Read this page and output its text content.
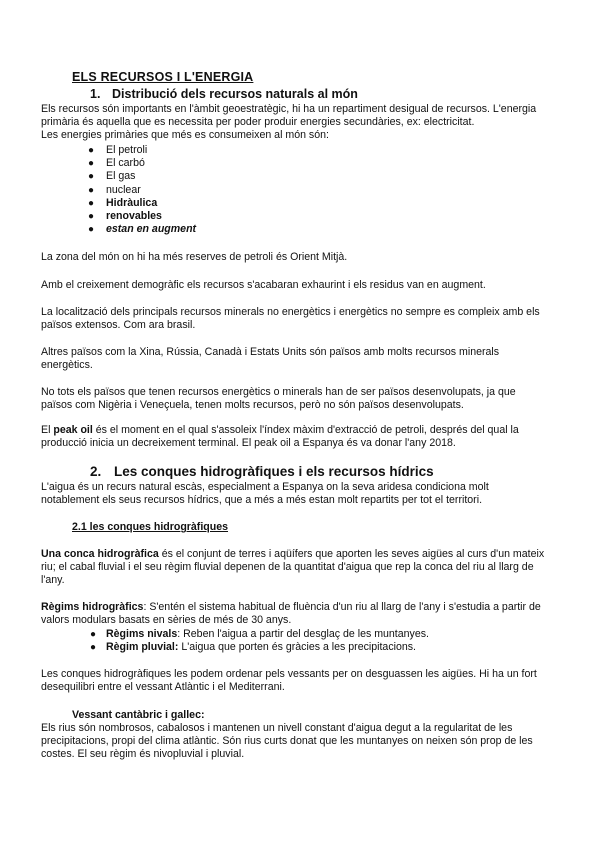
ELS RECURSOS I L'ENERGIA
1. Distribució dels recursos naturals al món
Els recursos són importants en l'àmbit geoestratègic, hi ha un repartiment desigual de recursos. L'energia
primària és aquella que es necessita per poder produir energies secundàries, ex: electricitat.
Les energies primàries que més es consumeixen al món són:
● El petroli
● El carbó
● El gas
● nuclear
● Hidràulica
● renovables
● estan en augment
La zona del món on hi ha més reserves de petroli és Orient Mitjà.
Amb el creixement demogràfic els recursos s'acabaran exhaurint i els residus van en augment.
La localització dels principals recursos minerals no energètics i energètics no sempre es compleix amb els
països extensos. Com ara brasil.
Altres països com la Xina, Rússia, Canadà i Estats Units són països amb molts recursos minerals
energètics.
No tots els països que tenen recursos energètics o minerals han de ser països desenvolupats, ja que
països com Nigèria i Veneçuela, tenen molts recursos, però no són països desenvolupats.
El peak oil és el moment en el qual s'assoleix l'índex màxim d'extracció de petroli, després del qual la
producció inicia un decreixement terminal. El peak oil a Espanya és va donar l'any 2018.
2. Les conques hidrogràfiques i els recursos hídrics
L'aigua és un recurs natural escàs, especialment a Espanya on la seva aridesa condiciona molt
notablement els seus recursos hídrics, que a més a més estan molt repartits per tot el territori.
2.1 les conques hidrogràfiques
Una conca hidrogràfica és el conjunt de terres i aqüífers que aporten les seves aigües al curs d'un mateix
riu; el cabal fluvial i el seu règim fluvial depenen de la quantitat d'aigua que rep la conca del riu al llarg de
l'any.
Règims hidrogràfics: S'entén el sistema habitual de fluència d'un riu al llarg de l'any i s'estudia a partir de
valors modulars basats en sèries de més de 30 anys.
● Règims nivals: Reben l'aigua a partir del desglaç de les muntanyes.
● Règim pluvial: L'aigua que porten és gràcies a les precipitacions.
Les conques hidrogràfiques les podem ordenar pels vessants per on desguassen les aigües. Hi ha un fort
desequilibri entre el vessant Atlàntic i el Mediterrani.
Vessant cantàbric i gallec:
Els rius són nombrosos, cabalosos i mantenen un nivell constant d'aigua degut a la regularitat de les
precipitacions, propi del clima atlàntic. Són rius curts donat que les muntanyes on neixen són prop de les
costes. El seu règim és nivopluvial i pluvial.
